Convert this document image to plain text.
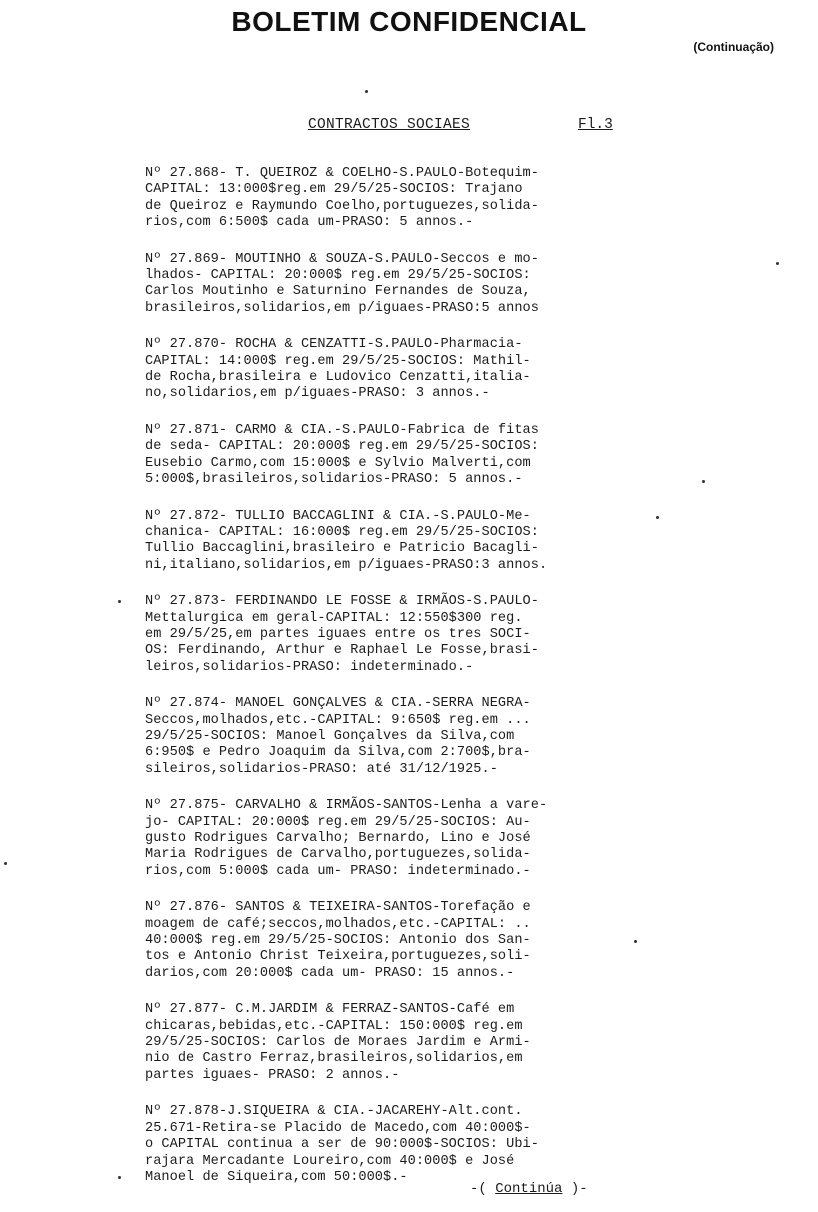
BOLETIM CONFIDENCIAL
(Continuação)
CONTRACTOS SOCIAES	Fl.3
Nº 27.868- T. QUEIROZ & COELHO-S.PAULO-Botequim-
CAPITAL: 13:000$reg.em 29/5/25-SOCIOS: Trajano
de Queiroz e Raymundo Coelho,portuguezes,solida-
rios,com 6:500$ cada um-PRASO: 5 annos.-
Nº 27.869- MOUTINHO & SOUZA-S.PAULO-Seccos e mo-
lhados- CAPITAL: 20:000$ reg.em 29/5/25-SOCIOS:
Carlos Moutinho e Saturnino Fernandes de Souza,
brasileiros,solidarios,em p/iguaes-PRASO:5 annos
Nº 27.870- ROCHA & CENZATTI-S.PAULO-Pharmacia-
CAPITAL: 14:000$ reg.em 29/5/25-SOCIOS: Mathil-
de Rocha,brasileira e Ludovico Cenzatti,italia-
no,solidarios,em p/iguaes-PRASO: 3 annos.-
Nº 27.871- CARMO & CIA.-S.PAULO-Fabrica de fitas
de seda- CAPITAL: 20:000$ reg.em 29/5/25-SOCIOS:
Eusebio Carmo,com 15:000$ e Sylvio Malverti,com
5:000$,brasileiros,solidarios-PRASO: 5 annos.-
Nº 27.872- TULLIO BACCAGLINI & CIA.-S.PAULO-Me-
chanica- CAPITAL: 16:000$ reg.em 29/5/25-SOCIOS:
Tullio Baccaglini,brasileiro e Patricio Bacagli-
ni,italiano,solidarios,em p/iguaes-PRASO:3 annos.
Nº 27.873- FERDINANDO LE FOSSE & IRMÃOS-S.PAULO-
Mettalurgica em geral-CAPITAL: 12:550$300 reg.
em 29/5/25,em partes iguaes entre os tres SOCI-
OS: Ferdinando, Arthur e Raphael Le Fosse,brasi-
leiros,solidarios-PRASO: indeterminado.-
Nº 27.874- MANOEL GONÇALVES & CIA.-SERRA NEGRA-
Seccos,molhados,etc.-CAPITAL: 9:650$ reg.em ...
29/5/25-SOCIOS: Manoel Gonçalves da Silva,com
6:950$ e Pedro Joaquim da Silva,com 2:700$,bra-
sileiros,solidarios-PRASO: até 31/12/1925.-
Nº 27.875- CARVALHO & IRMÃOS-SANTOS-Lenha a vare-
jo- CAPITAL: 20:000$ reg.em 29/5/25-SOCIOS: Au-
gusto Rodrigues Carvalho; Bernardo, Lino e José
Maria Rodrigues de Carvalho,portuguezes,solida-
rios,com 5:000$ cada um- PRASO: indeterminado.-
Nº 27.876- SANTOS & TEIXEIRA-SANTOS-Torefação e
moagem de café;seccos,molhados,etc.-CAPITAL: ..
40:000$ reg.em 29/5/25-SOCIOS: Antonio dos San-
tos e Antonio Christ Teixeira,portuguezes,soli-
darios,com 20:000$ cada um- PRASO: 15 annos.-
Nº 27.877- C.M.JARDIM & FERRAZ-SANTOS-Café em
chicaras,bebidas,etc.-CAPITAL: 150:000$ reg.em
29/5/25-SOCIOS: Carlos de Moraes Jardim e Armi-
nio de Castro Ferraz,brasileiros,solidarios,em
partes iguaes- PRASO: 2 annos.-
Nº 27.878-J.SIQUEIRA & CIA.-JACAREHY-Alt.cont.
25.671-Retira-se Placido de Macedo,com 40:000$-
o CAPITAL continua a ser de 90:000$-SOCIOS: Ubi-
rajara Mercadante Loureiro,com 40:000$ e José
Manoel de Siqueira,com 50:000$.-
-( Continúa )-
